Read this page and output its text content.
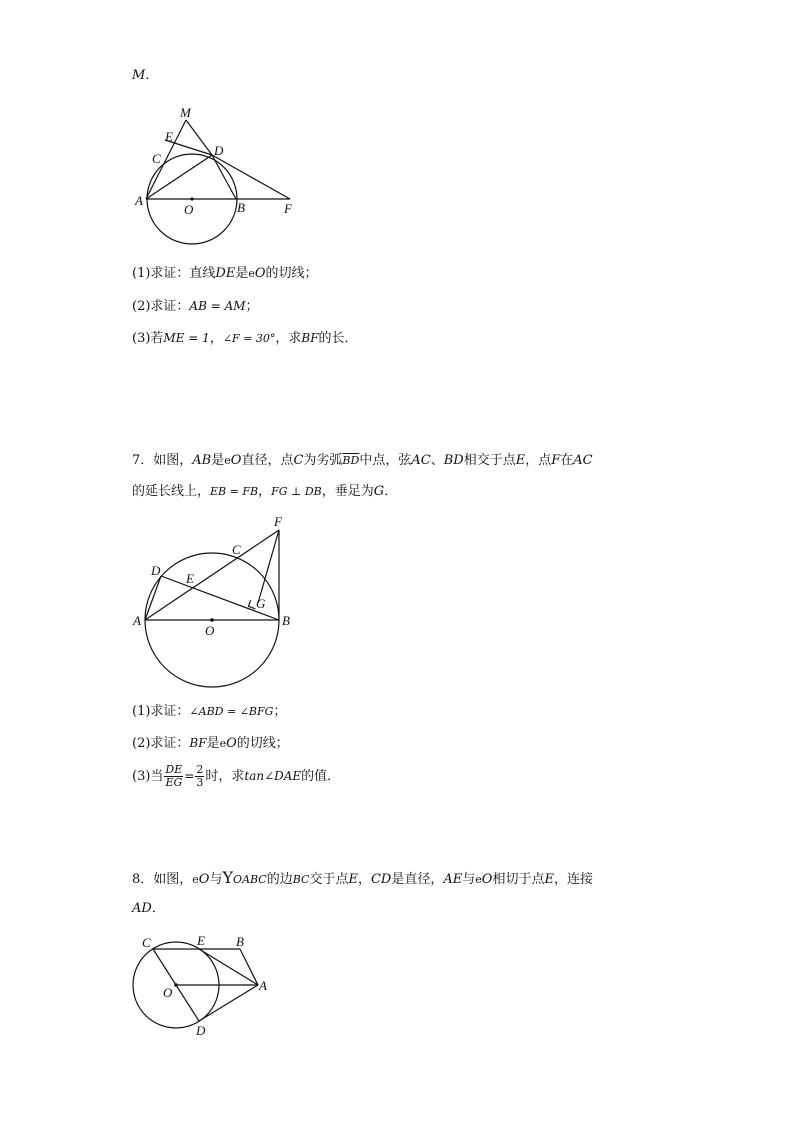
M．
M
E
C
D
A
O	B	F
(1)求证：直线DE是eO的切线；
(2)求证：AB = AM；
(3)若ME = 1，∠F = 30°，求BF的长．
7．如图，AB是eO直径，点C为劣弧$\overline{BD}$中点，弦AC、BD相交于点E，点F在AC
的延长线上，EB = FB，FG ⊥ DB，垂足为G．
F
C
D
E
G
A
O
B
(1)求证：∠ABD = ∠BFG；
(2)求证：BF是eO的切线；
(3)当 $\frac{DE}{EG} = \frac{2}{3}$ 时，求tan∠DAE的值．
8．如图，eO与YOABC的边BC交于点E，CD是直径，AE与eO相切于点E，连接
AD．
C	E B
O	A
D
